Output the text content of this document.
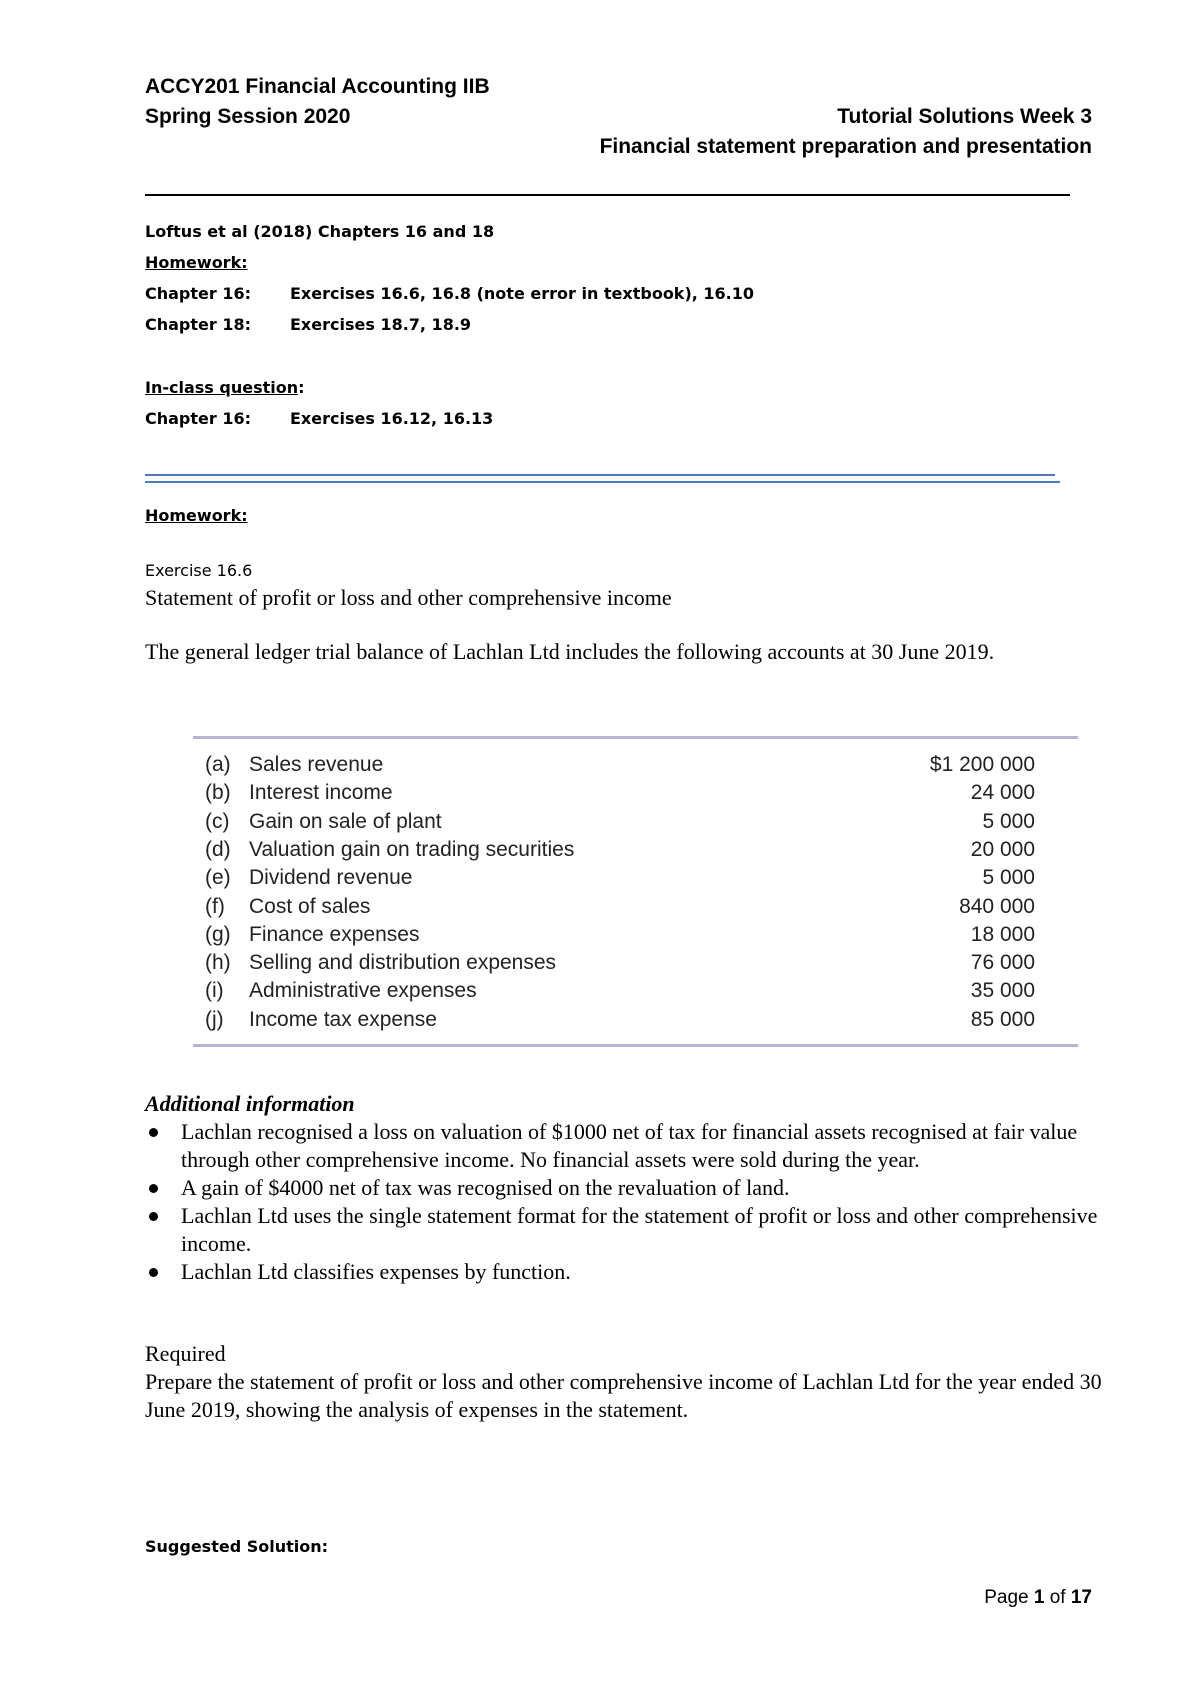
ACCY201 Financial Accounting IIB
Spring Session 2020	Tutorial Solutions Week 3
Financial statement preparation and presentation
Loftus et al (2018) Chapters 16 and 18
Homework:
Chapter 16: Exercises 16.6, 16.8 (note error in textbook), 16.10
Chapter 18: Exercises 18.7, 18.9
In-class question:
Chapter 16: Exercises 16.12, 16.13
Homework:
Exercise 16.6
Statement of profit or loss and other comprehensive income
The general ledger trial balance of Lachlan Ltd includes the following accounts at 30 June 2019.
(a) Sales revenue	$1 200 000
(b) Interest income	24 000
(c) Gain on sale of plant	5 000
(d) Valuation gain on trading securities	20 000
(e) Dividend revenue	5 000
(f)	Cost of sales	840 000
(g) Finance expenses	18 000
(h) Selling and distribution expenses	76 000
(i)	Administrative expenses	35 000
(j)	Income tax expense	85 000
Additional information
Lachlan recognised a loss on valuation of $1000 net of tax for financial assets recognised at fair value through other comprehensive income. No financial assets were sold during the year.
A gain of $4000 net of tax was recognised on the revaluation of land.
Lachlan Ltd uses the single statement format for the statement of profit or loss and other comprehensive income.
Lachlan Ltd classifies expenses by function.
Required
Prepare the statement of profit or loss and other comprehensive income of Lachlan Ltd for the year ended 30 June 2019, showing the analysis of expenses in the statement.
Suggested Solution:
Page 1 of 17
